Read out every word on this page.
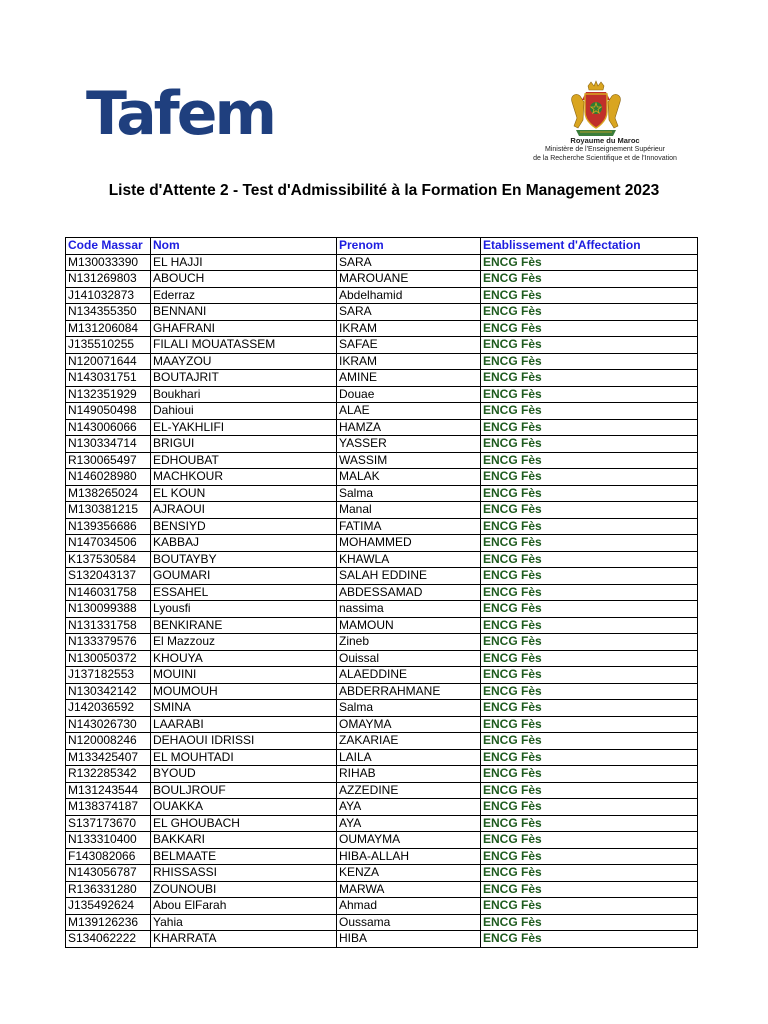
Tafem	Royaume du Maroc
Ministère de l'Enseignement Supérieur
de la Recherche Scientifique et de l'Innovation
Liste d'Attente 2 - Test d'Admissibilité à la Formation En Management 2023
Code Massar	Nom	Prenom	Etablissement d'Affectation
M130033390	EL HAJJI	SARA	ENCG Fès
N131269803	ABOUCH	MAROUANE	ENCG Fès
J141032873	Ederraz	Abdelhamid	ENCG Fès
N134355350	BENNANI	SARA	ENCG Fès
M131206084	GHAFRANI	IKRAM	ENCG Fès
J135510255	FILALI MOUATASSEM	SAFAE	ENCG Fès
N120071644	MAAYZOU	IKRAM	ENCG Fès
N143031751	BOUTAJRIT	AMINE	ENCG Fès
N132351929	Boukhari	Douae	ENCG Fès
N149050498	Dahioui	ALAE	ENCG Fès
N143006066	EL-YAKHLIFI	HAMZA	ENCG Fès
N130334714	BRIGUI	YASSER	ENCG Fès
R130065497	EDHOUBAT	WASSIM	ENCG Fès
N146028980	MACHKOUR	MALAK	ENCG Fès
M138265024	EL KOUN	Salma	ENCG Fès
M130381215	AJRAOUI	Manal	ENCG Fès
N139356686	BENSIYD	FATIMA	ENCG Fès
N147034506	KABBAJ	MOHAMMED	ENCG Fès
K137530584	BOUTAYBY	KHAWLA	ENCG Fès
S132043137	GOUMARI	SALAH EDDINE	ENCG Fès
N146031758	ESSAHEL	ABDESSAMAD	ENCG Fès
N130099388	Lyousfi	nassima	ENCG Fès
N131331758	BENKIRANE	MAMOUN	ENCG Fès
N133379576	El Mazzouz	Zineb	ENCG Fès
N130050372	KHOUYA	Ouissal	ENCG Fès
J137182553	MOUINI	ALAEDDINE	ENCG Fès
N130342142	MOUMOUH	ABDERRAHMANE	ENCG Fès
J142036592	SMINA	Salma	ENCG Fès
N143026730	LAARABI	OMAYMA	ENCG Fès
N120008246	DEHAOUI IDRISSI	ZAKARIAE	ENCG Fès
M133425407	EL MOUHTADI	LAILA	ENCG Fès
R132285342	BYOUD	RIHAB	ENCG Fès
M131243544	BOULJROUF	AZZEDINE	ENCG Fès
M138374187	OUAKKA	AYA	ENCG Fès
S137173670	EL GHOUBACH	AYA	ENCG Fès
N133310400	BAKKARI	OUMAYMA	ENCG Fès
F143082066	BELMAATE	HIBA-ALLAH	ENCG Fès
N143056787	RHISSASSI	KENZA	ENCG Fès
R136331280	ZOUNOUBI	MARWA	ENCG Fès
J135492624	Abou ElFarah	Ahmad	ENCG Fès
M139126236	Yahia	Oussama	ENCG Fès
S134062222	KHARRATA	HIBA	ENCG Fès
